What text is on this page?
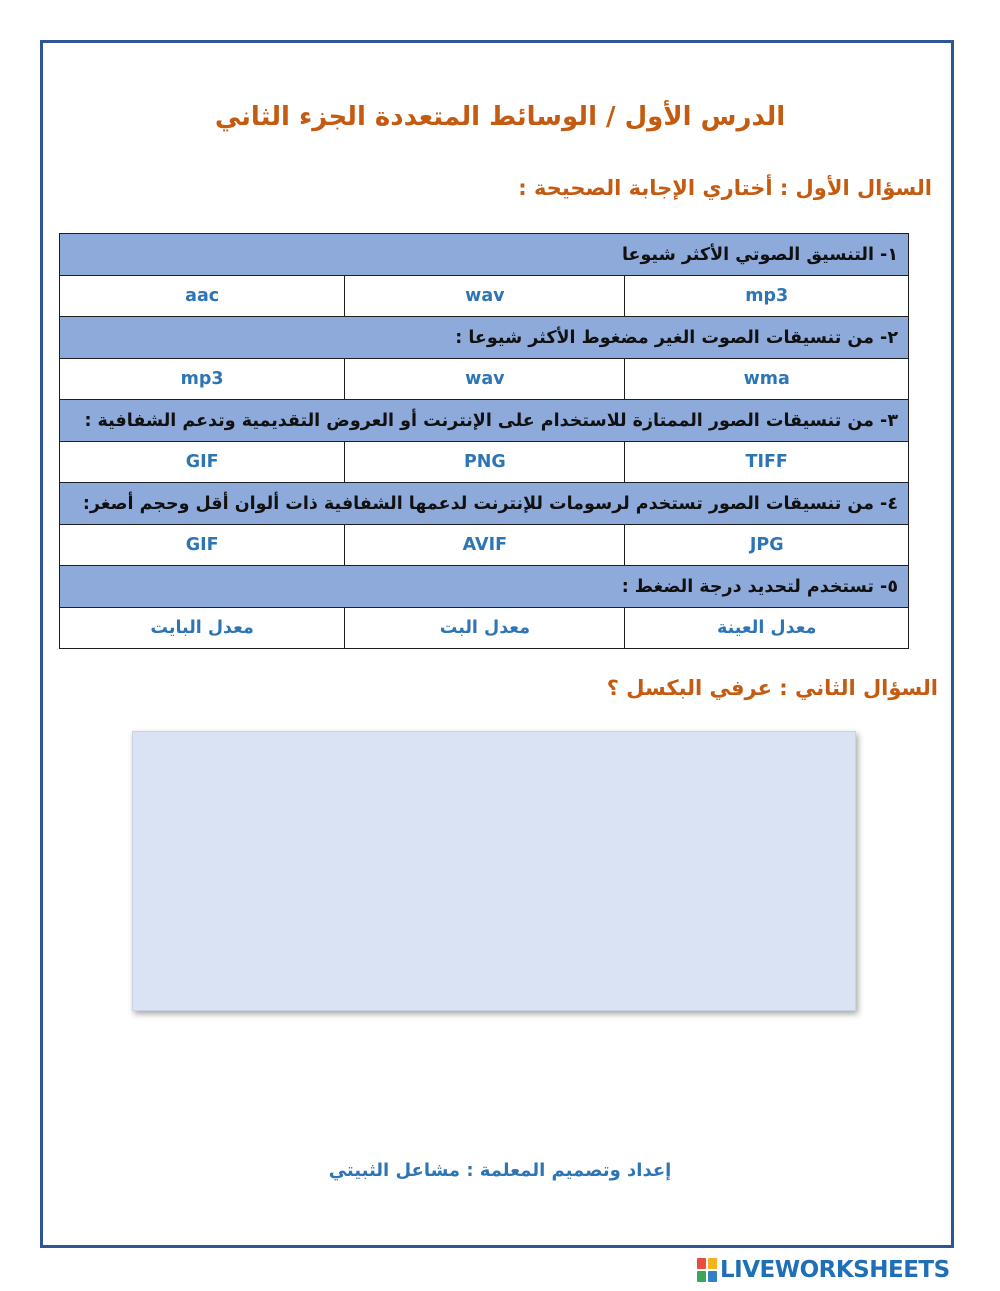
الدرس الأول / الوسائط المتعددة الجزء الثاني
السؤال الأول : أختاري الإجابة الصحيحة :
١- التنسيق الصوتي الأكثر شيوعا		
mp3	wav	aac
٢- من تنسيقات الصوت الغير مضغوط الأكثر شيوعا :		
wma	wav	mp3
٣- من تنسيقات الصور الممتازة للاستخدام على الإنترنت أو العروض التقديمية وتدعم الشفافية :		
TIFF	PNG	GIF
٤- من تنسيقات الصور تستخدم لرسومات للإنترنت لدعمها الشفافية ذات ألوان أقل وحجم أصغر:		
JPG	AVIF	GIF
٥- تستخدم لتحديد درجة الضغط :		
معدل العينة	معدل البت	معدل البايت
السؤال الثاني : عرفي البكسل ؟
إعداد وتصميم المعلمة : مشاعل الثبيتي
LIVEWORKSHEETS
